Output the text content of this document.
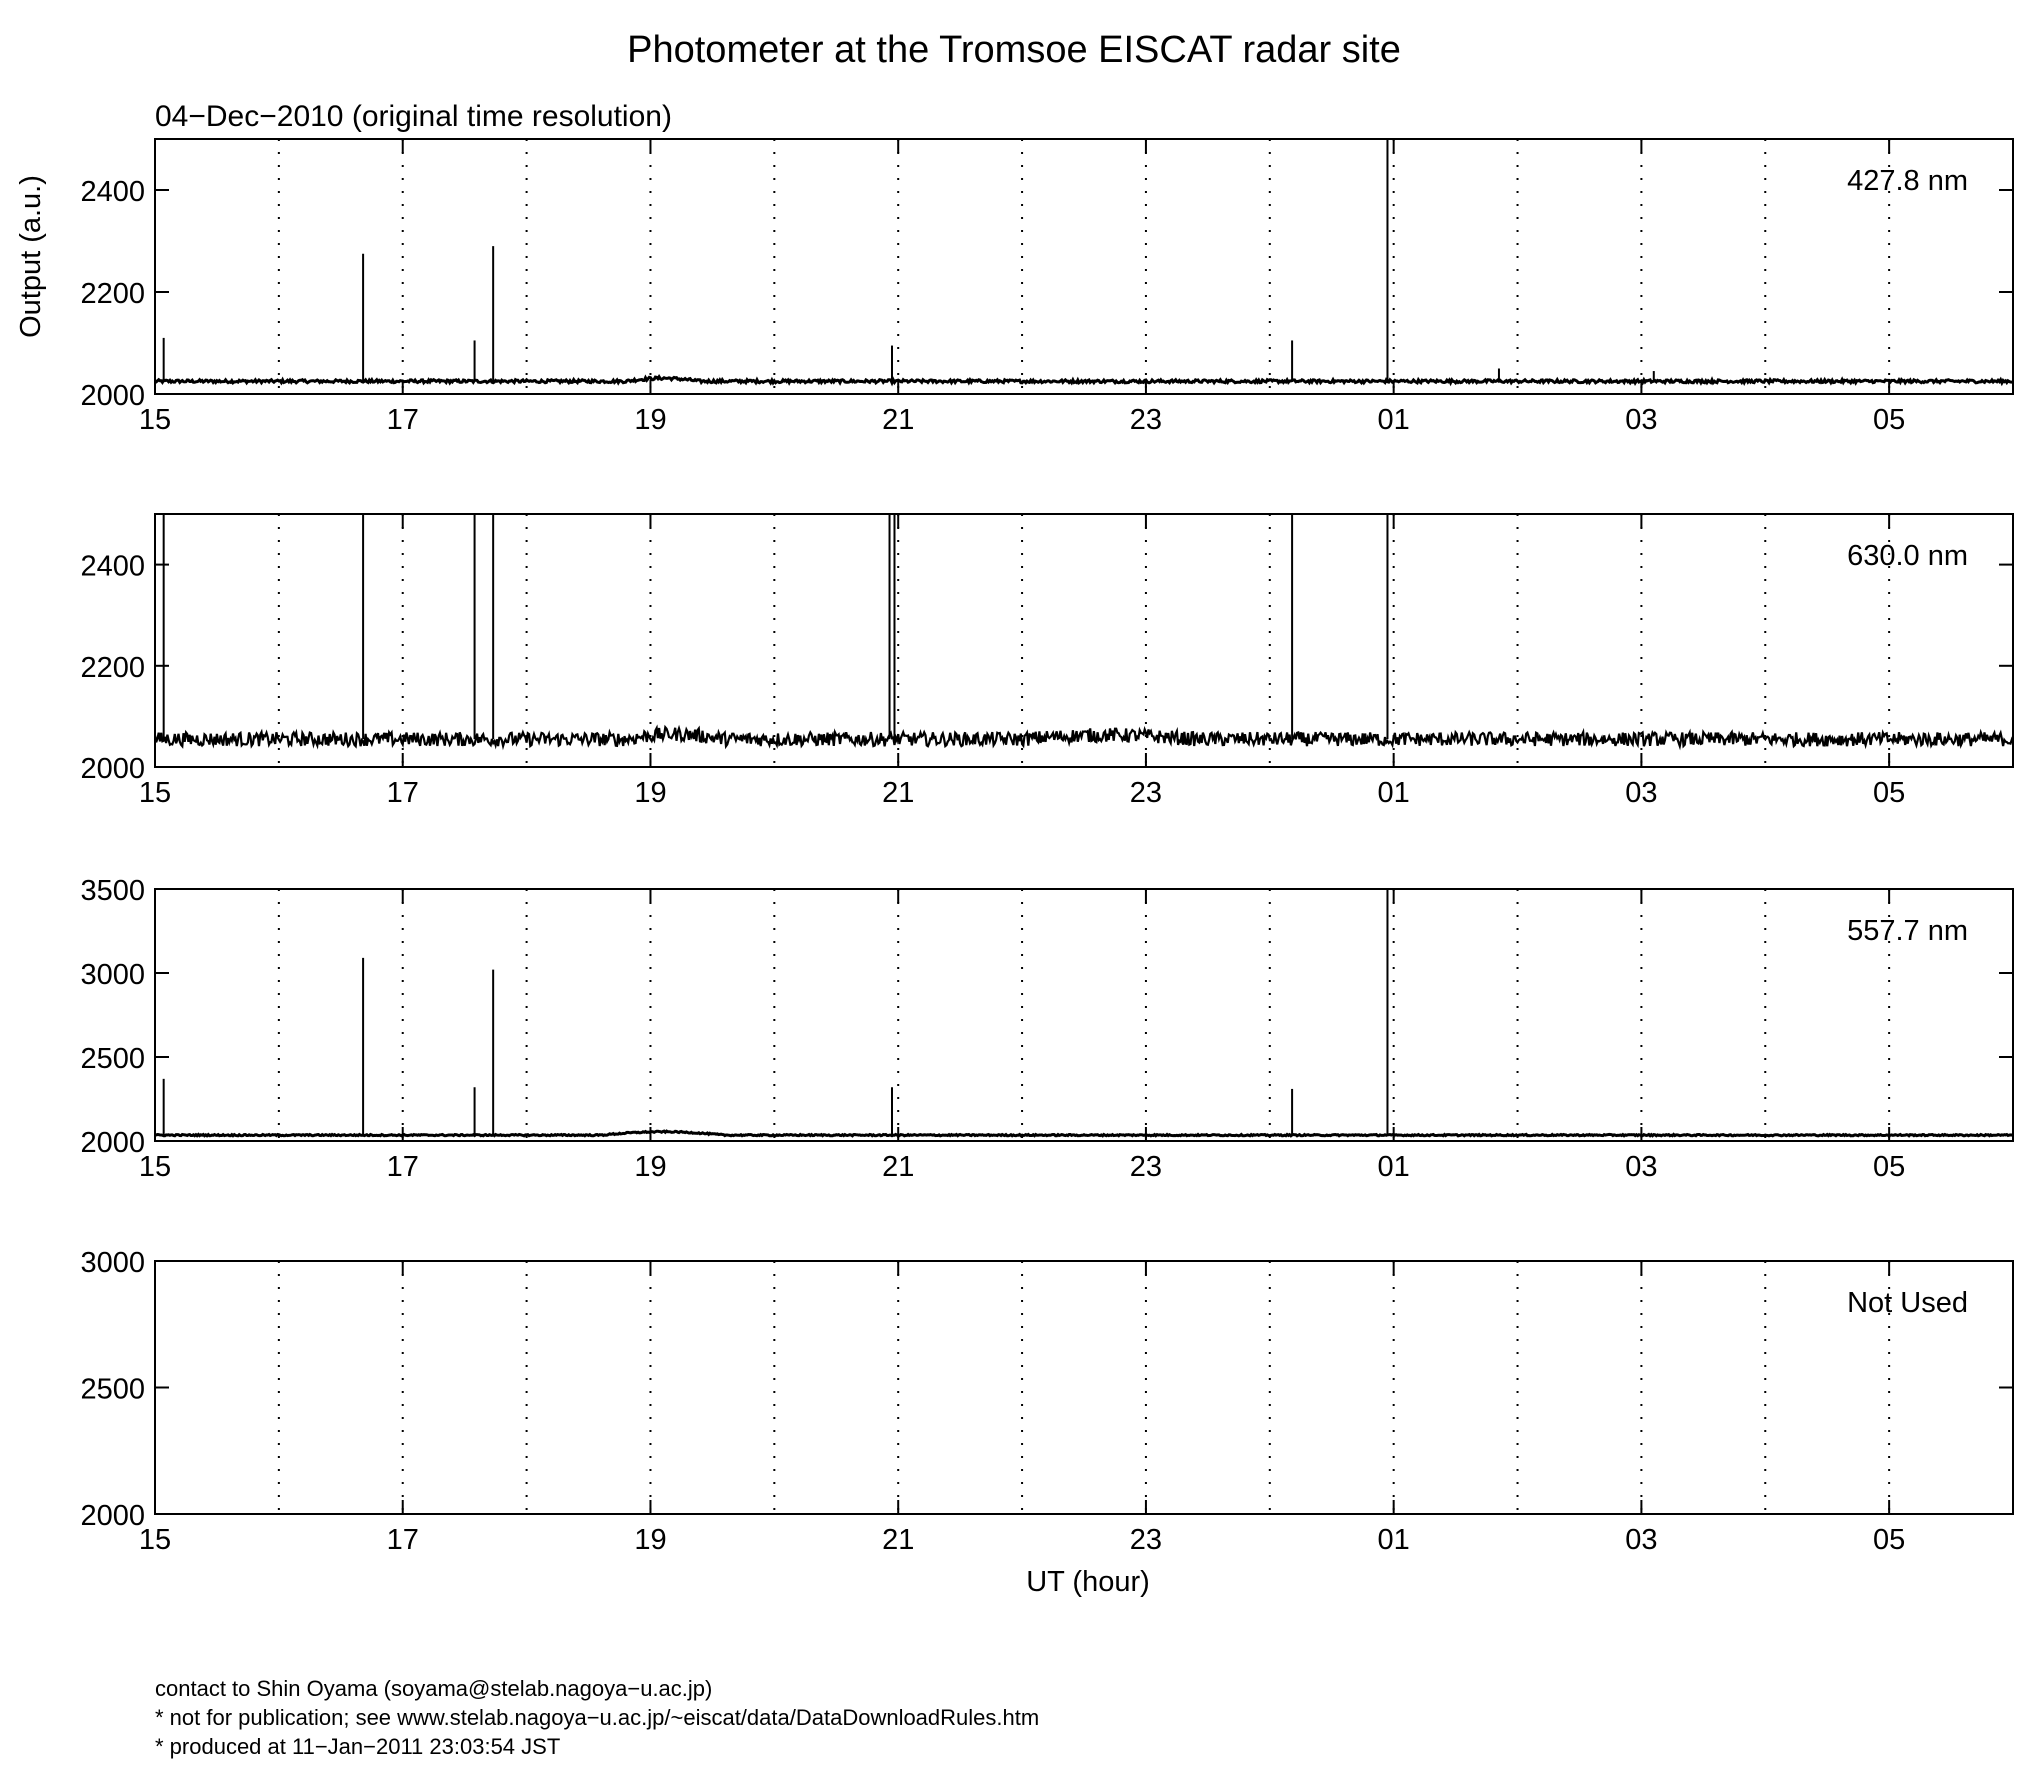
Photometer at the Tromsoe EISCAT radar site
04−Dec−2010 (original time resolution)
15	17	19	21	23	01	03	05
2000
2200
2400	427.8 nm
Output (a.u.)
15	17	19	21	23	01	03	05
2000
2200
2400	630.0 nm
15	17	19	21	23	01	03	05
2000
2500
3000
3500
557.7 nm
15	17	19	21	23	01	03	05
2000
2500
3000
Not Used
UT (hour)
contact to Shin Oyama (soyama@stelab.nagoya−u.ac.jp)
* not for publication; see www.stelab.nagoya−u.ac.jp/~eiscat/data/DataDownloadRules.htm
* produced at 11−Jan−2011 23:03:54 JST
